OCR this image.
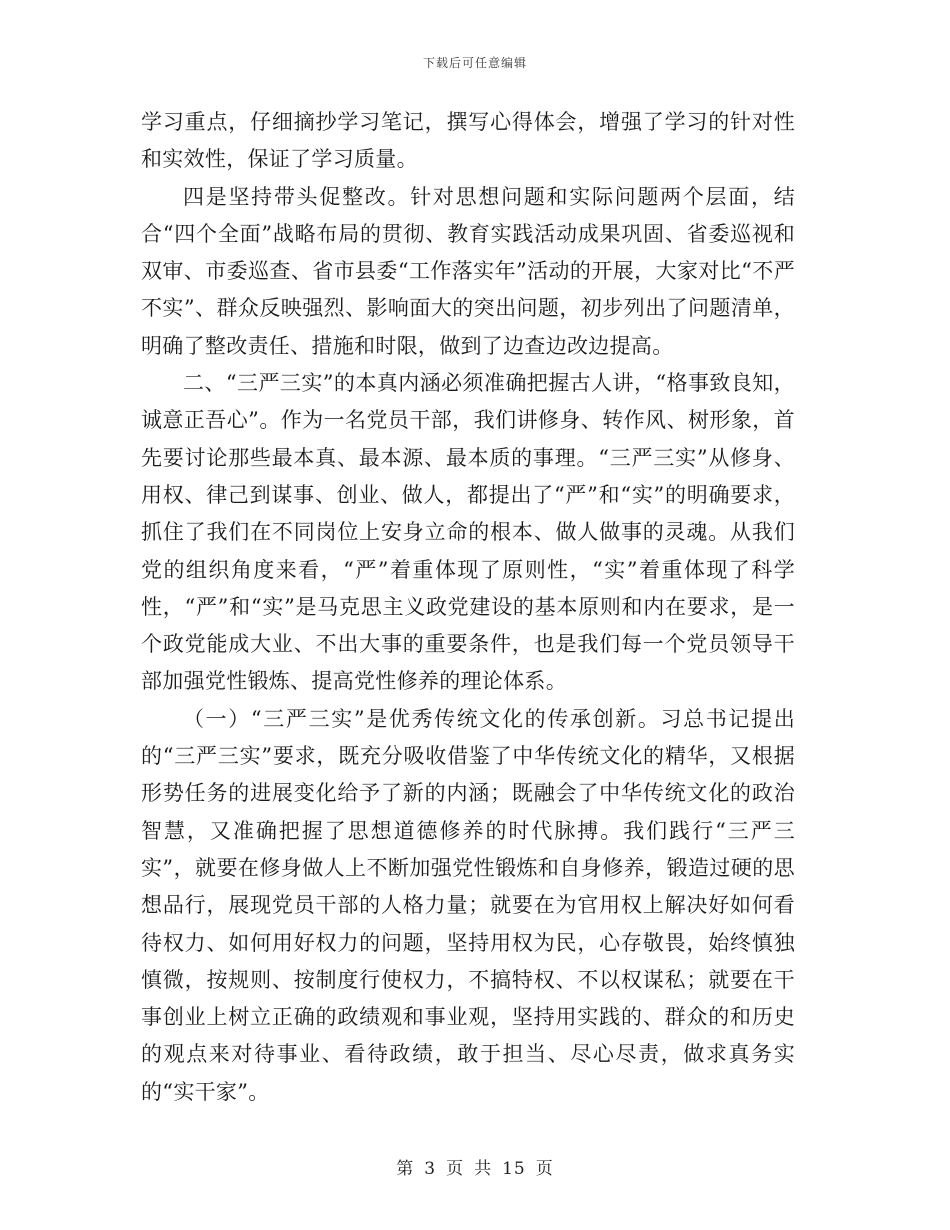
下载后可任意编辑

学习重点，仔细摘抄学习笔记，撰写心得体会，增强了学习的针对性和实效性，保证了学习质量。

四是坚持带头促整改。针对思想问题和实际问题两个层面，结合“四个全面”战略布局的贯彻、教育实践活动成果巩固、省委巡视和双审、市委巡查、省市县委“工作落实年”活动的开展，大家对比“不严不实”、群众反映强烈、影响面大的突出问题，初步列出了问题清单，明确了整改责任、措施和时限，做到了边查边改边提高。

二、“三严三实”的本真内涵必须准确把握古人讲，“格事致良知，诚意正吾心”。作为一名党员干部，我们讲修身、转作风、树形象，首先要讨论那些最本真、最本源、最本质的事理。“三严三实”从修身、用权、律己到谋事、创业、做人，都提出了“严”和“实”的明确要求，抓住了我们在不同岗位上安身立命的根本、做人做事的灵魂。从我们党的组织角度来看，“严”着重体现了原则性，“实”着重体现了科学性，“严”和“实”是马克思主义政党建设的基本原则和内在要求，是一个政党能成大业、不出大事的重要条件，也是我们每一个党员领导干部加强党性锻炼、提高党性修养的理论体系。

（一）“三严三实”是优秀传统文化的传承创新。习总书记提出的“三严三实”要求，既充分吸收借鉴了中华传统文化的精华，又根据形势任务的进展变化给予了新的内涵；既融会了中华传统文化的政治智慧，又准确把握了思想道德修养的时代脉搏。我们践行“三严三实”，就要在修身做人上不断加强党性锻炼和自身修养，锻造过硬的思想品行，展现党员干部的人格力量；就要在为官用权上解决好如何看待权力、如何用好权力的问题，坚持用权为民，心存敬畏，始终慎独慎微，按规则、按制度行使权力，不搞特权、不以权谋私；就要在干事创业上树立正确的政绩观和事业观，坚持用实践的、群众的和历史的观点来对待事业、看待政绩，敢于担当、尽心尽责，做求真务实的“实干家”。

第 3 页 共 15 页
